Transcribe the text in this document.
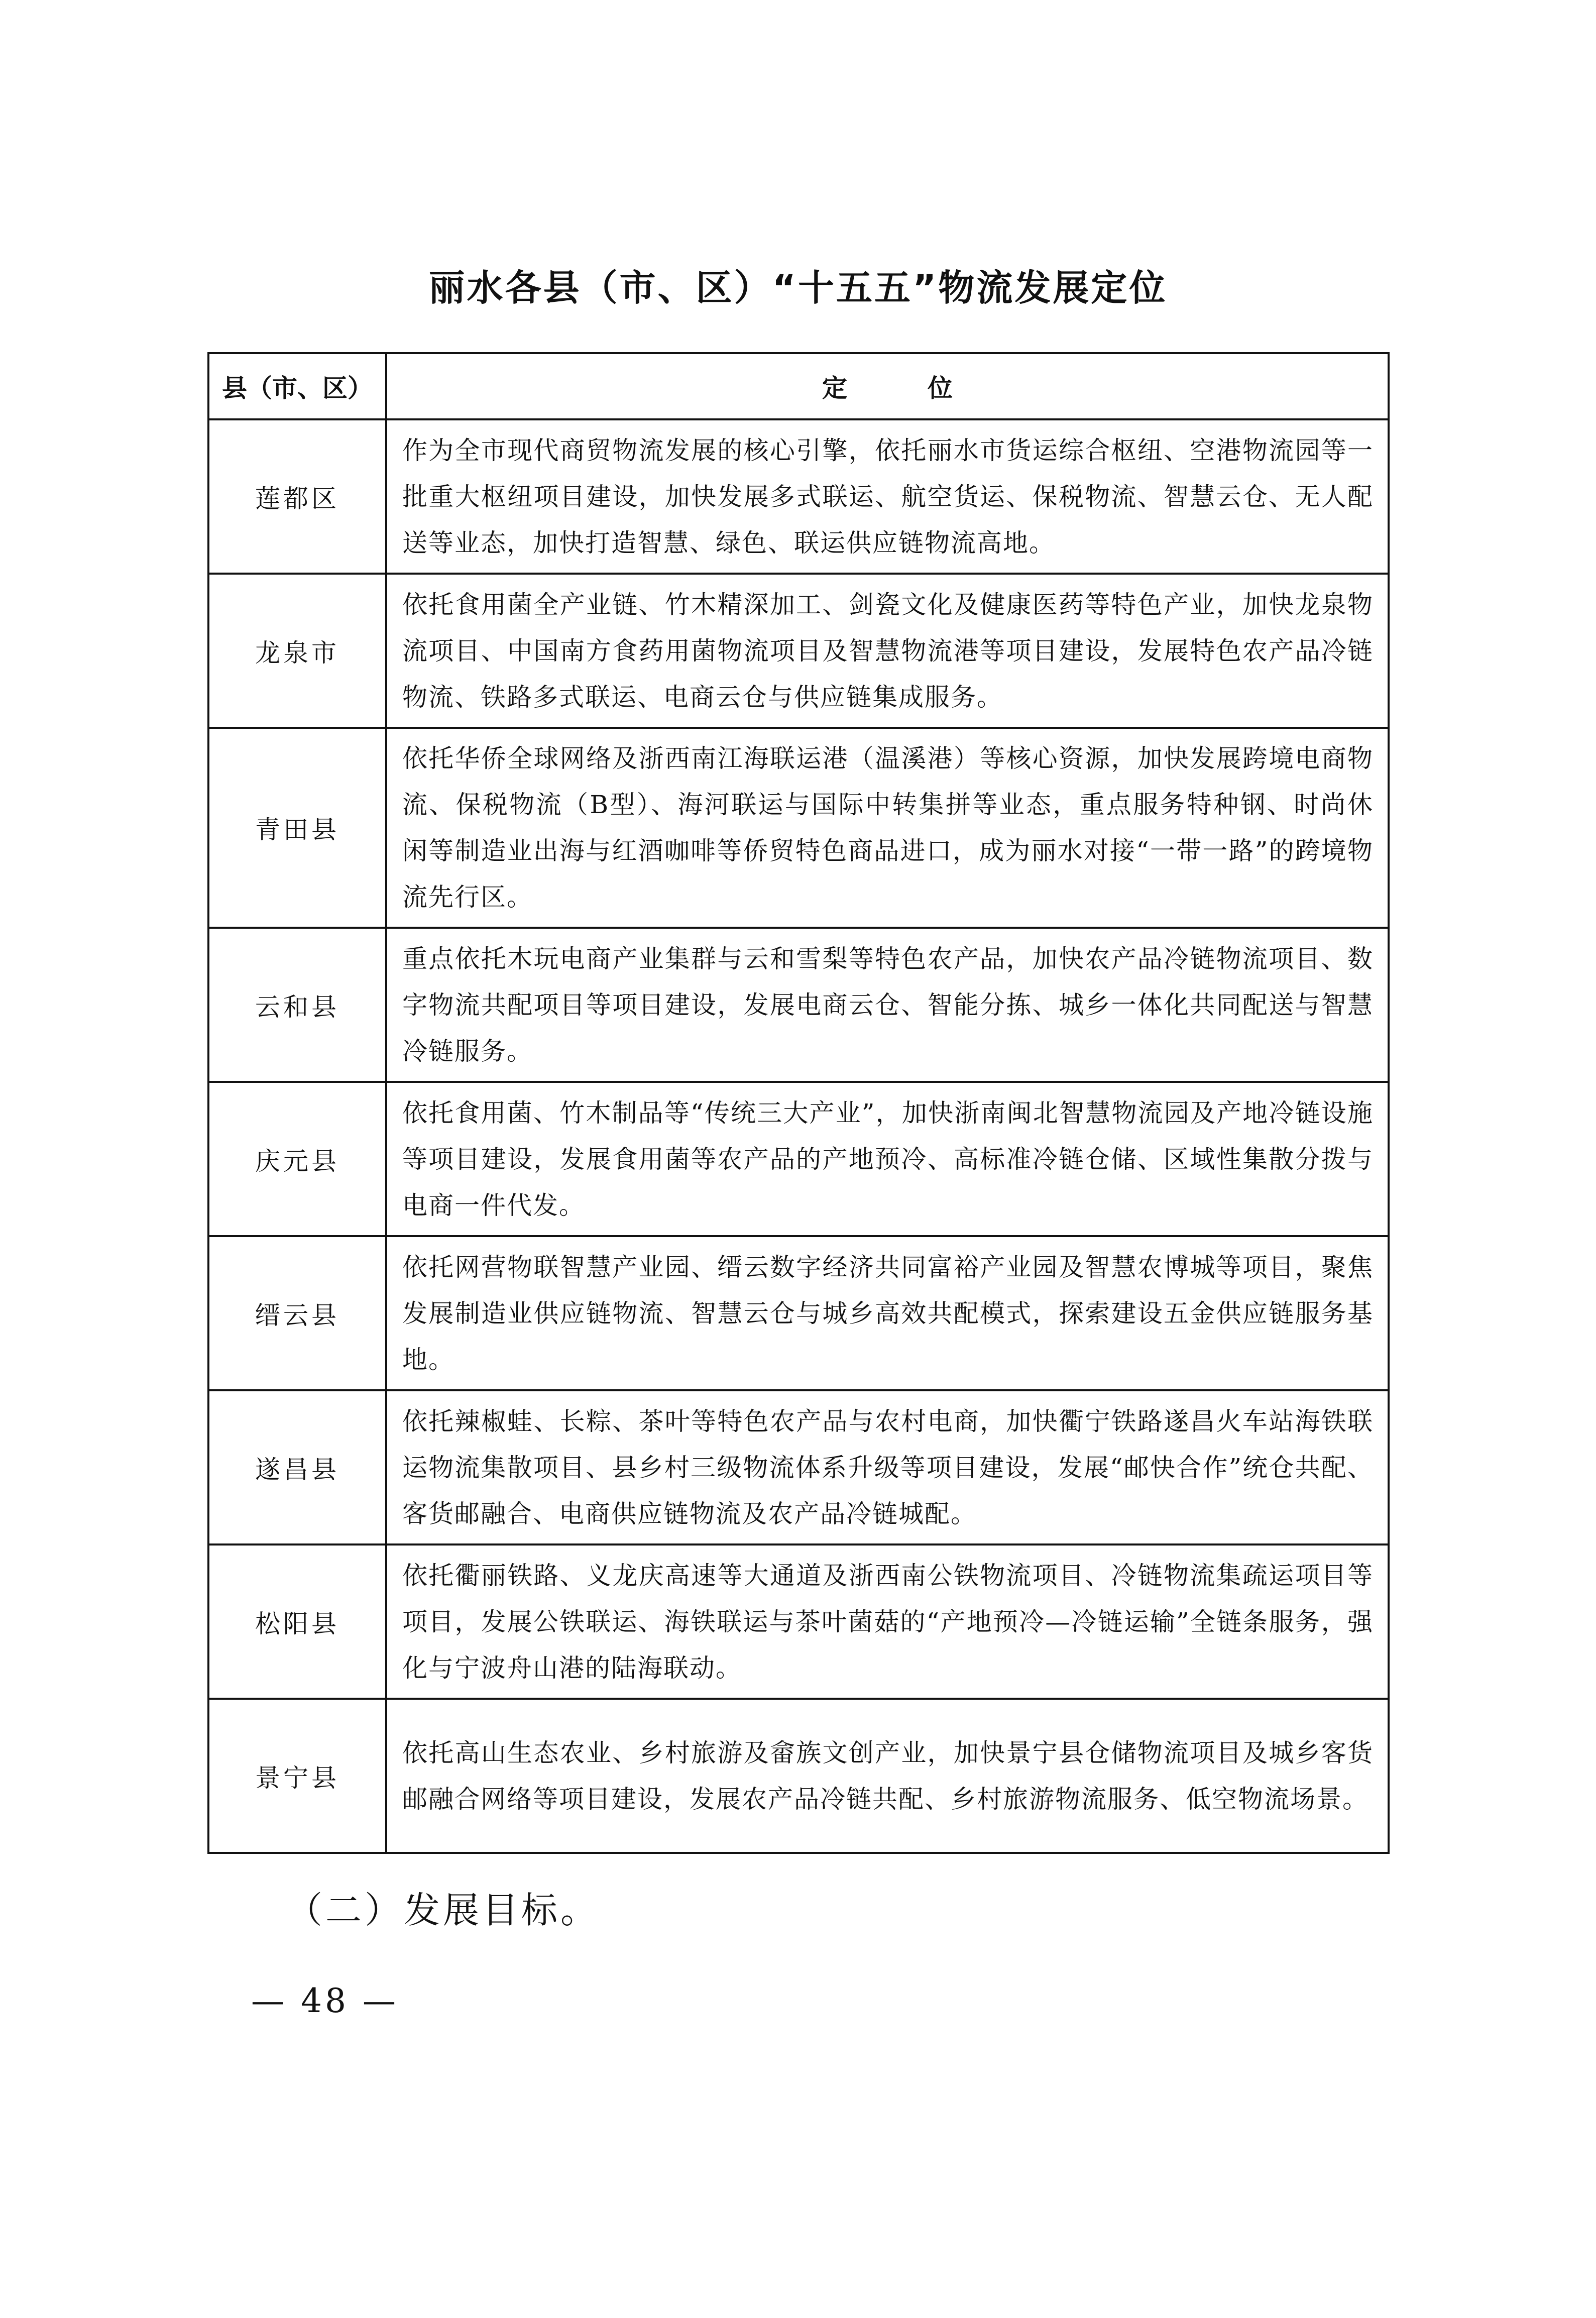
丽水各县（市、区）“十五五”物流发展定位
县（市、区）	定位
莲都区	作为全市现代商贸物流发展的核心引擎，依托丽水市货运综合枢纽、空港物流园等一批重大枢纽项目建设，加快发展多式联运、航空货运、保税物流、智慧云仓、无人配送等业态，加快打造智慧、绿色、联运供应链物流高地。
龙泉市	依托食用菌全产业链、竹木精深加工、剑瓷文化及健康医药等特色产业，加快龙泉物流项目、中国南方食药用菌物流项目及智慧物流港等项目建设，发展特色农产品冷链物流、铁路多式联运、电商云仓与供应链集成服务。
青田县	依托华侨全球网络及浙西南江海联运港（温溪港）等核心资源，加快发展跨境电商物流、保税物流（B型）、海河联运与国际中转集拼等业态，重点服务特种钢、时尚休闲等制造业出海与红酒咖啡等侨贸特色商品进口，成为丽水对接“一带一路”的跨境物流先行区。
云和县	重点依托木玩电商产业集群与云和雪梨等特色农产品，加快农产品冷链物流项目、数字物流共配项目等项目建设，发展电商云仓、智能分拣、城乡一体化共同配送与智慧冷链服务。
庆元县	依托食用菌、竹木制品等“传统三大产业”，加快浙南闽北智慧物流园及产地冷链设施等项目建设，发展食用菌等农产品的产地预冷、高标准冷链仓储、区域性集散分拨与电商一件代发。
缙云县	依托网营物联智慧产业园、缙云数字经济共同富裕产业园及智慧农博城等项目，聚焦发展制造业供应链物流、智慧云仓与城乡高效共配模式，探索建设五金供应链服务基地。
遂昌县	依托辣椒蛙、长粽、茶叶等特色农产品与农村电商，加快衢宁铁路遂昌火车站海铁联运物流集散项目、县乡村三级物流体系升级等项目建设，发展“邮快合作”统仓共配、客货邮融合、电商供应链物流及农产品冷链城配。
松阳县	依托衢丽铁路、义龙庆高速等大通道及浙西南公铁物流项目、冷链物流集疏运项目等项目，发展公铁联运、海铁联运与茶叶菌菇的“产地预冷—冷链运输”全链条服务，强化与宁波舟山港的陆海联动。
景宁县	依托高山生态农业、乡村旅游及畲族文创产业，加快景宁县仓储物流项目及城乡客货邮融合网络等项目建设，发展农产品冷链共配、乡村旅游物流服务、低空物流场景。
（二）发展目标。
— 48 —
